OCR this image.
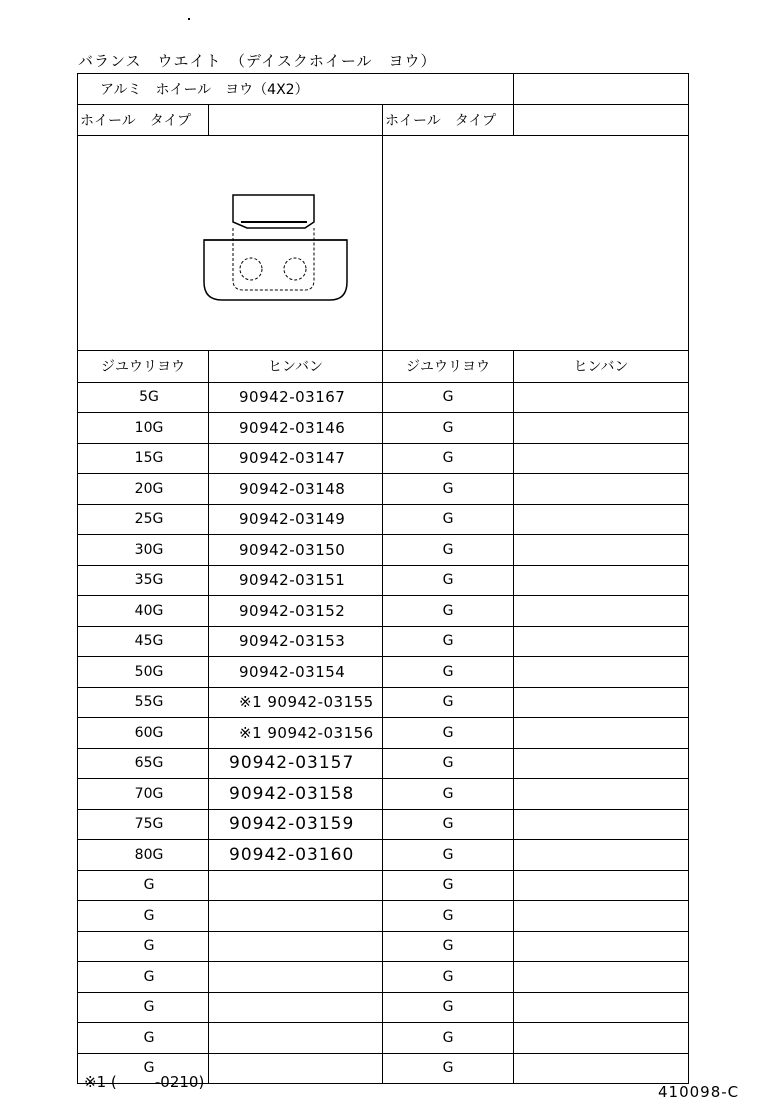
バランス　ウエイト　（デイスクホイール　ヨウ）
アルミ　ホイール　ヨウ（4X2）			
ホイール　タイプ		ホイール　タイプ	

ジユウリヨウ	ヒンバン	ジユウリヨウ	ヒンバン
5G	90942-03167	G	
10G	90942-03146	G	
15G	90942-03147	G	
20G	90942-03148	G	
25G	90942-03149	G	
30G	90942-03150	G	
35G	90942-03151	G	
40G	90942-03152	G	
45G	90942-03153	G	
50G	90942-03154	G	
55G	※1 90942-03155	G	
60G	※1 90942-03156	G	
65G	90942-03157	G	
70G	90942-03158	G	
75G	90942-03159	G	
80G	90942-03160	G	
G		G	
G		G	
G		G	
G		G	
G		G	
G		G	
G		G	
※1 (        -0210)
410098-C
